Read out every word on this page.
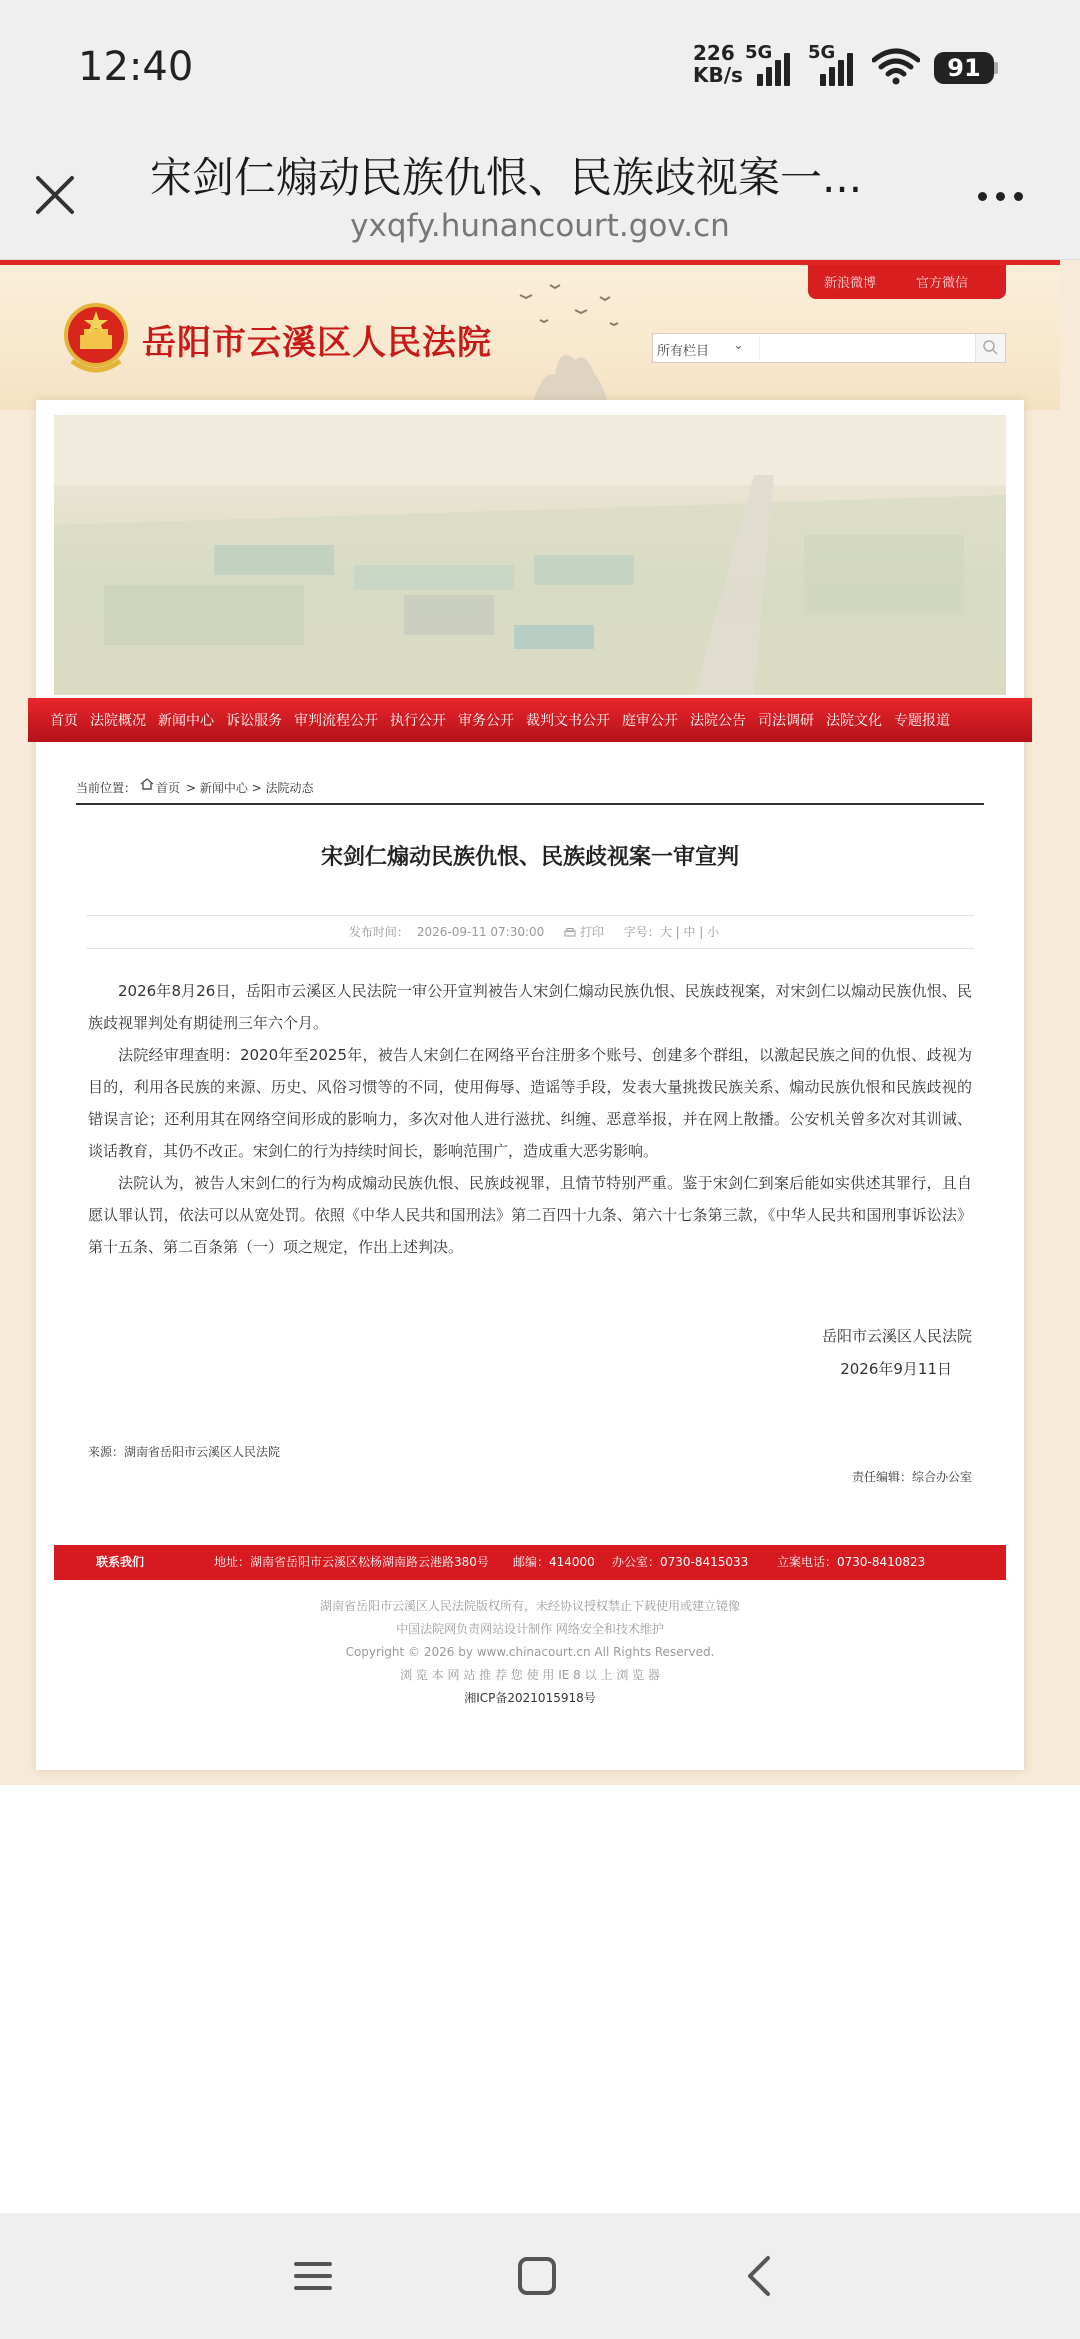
12:40	226
KB/s
5G 5G
91
宋剑仁煽动民族仇恨、民族歧视案一...
yxqfy.hunancourt.gov.cn
岳阳市云溪区人民法院
新浪微博	官方微信
所有栏目 ⌄
首页 法院概况 新闻中心 诉讼服务 审判流程公开 执行公开 审务公开 裁判文书公开 庭审公开 法院公告 司法调研 法院文化 专题报道
当前位置： 首页 > 新闻中心 > 法院动态
宋剑仁煽动民族仇恨、民族歧视案一审宣判
发布时间： 2026-09-11 07:30:00	打印 字号：大 | 中 | 小

2026年8月26日，岳阳市云溪区人民法院一审公开宣判被告人宋剑仁煽动民族仇恨、民族歧视案，对宋剑仁以煽动民族仇恨、民族歧视罪判处有期徒刑三年六个月。

法院经审理查明：2020年至2025年，被告人宋剑仁在网络平台注册多个账号、创建多个群组，以激起民族之间的仇恨、歧视为目的，利用各民族的来源、历史、风俗习惯等的不同，使用侮辱、造谣等手段，发表大量挑拨民族关系、煽动民族仇恨和民族歧视的错误言论；还利用其在网络空间形成的影响力，多次对他人进行滋扰、纠缠、恶意举报，并在网上散播。公安机关曾多次对其训诫、谈话教育，其仍不改正。宋剑仁的行为持续时间长，影响范围广，造成重大恶劣影响。

法院认为，被告人宋剑仁的行为构成煽动民族仇恨、民族歧视罪，且情节特别严重。鉴于宋剑仁到案后能如实供述其罪行，且自愿认罪认罚，依法可以从宽处罚。依照《中华人民共和国刑法》第二百四十九条、第六十七条第三款，《中华人民共和国刑事诉讼法》第十五条、第二百条第（一）项之规定，作出上述判决。

岳阳市云溪区人民法院
2026年9月11日
来源：湖南省岳阳市云溪区人民法院
责任编辑：综合办公室
联系我们	地址：湖南省岳阳市云溪区松杨湖南路云港路380号 邮编：414000 办公室：0730-8415033 立案电话：0730-8410823
湖南省岳阳市云溪区人民法院版权所有，未经协议授权禁止下载使用或建立镜像
中国法院网负责网站设计制作 网络安全和技术维护
Copyright © 2026 by www.chinacourt.cn All Rights Reserved.
浏 览 本 网 站 推 荐 您 使 用 IE 8 以 上 浏 览 器
湘ICP备2021015918号
